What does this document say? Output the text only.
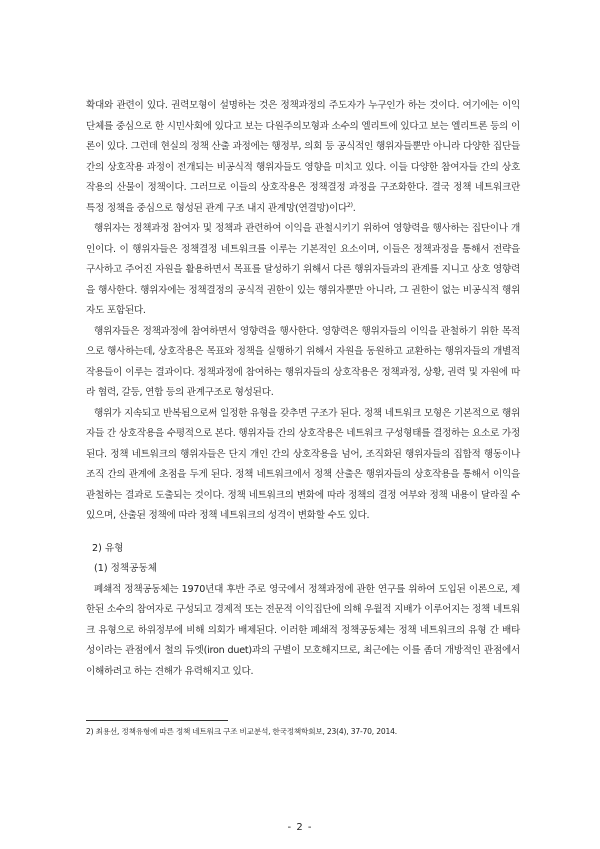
확대와 관련이 있다. 권력모형이 설명하는 것은 정책과정의 주도자가 누구인가 하는 것이다. 여기에는 이익단체를 중심으로 한 시민사회에 있다고 보는 다원주의모형과 소수의 엘리트에 있다고 보는 엘리트론 등의 이론이 있다. 그런데 현실의 정책 산출 과정에는 행정부, 의회 등 공식적인 행위자들뿐만 아니라 다양한 집단들간의 상호작용 과정이 전개되는 비공식적 행위자들도 영향을 미치고 있다. 이들 다양한 참여자들 간의 상호작용의 산물이 정책이다. 그러므로 이들의 상호작용은 정책결정 과정을 구조화한다. 결국 정책 네트워크란 특정 정책을 중심으로 형성된 관계 구조 내지 관계망(연결망)이다$^{2)}$.

행위자는 정책과정 참여자 및 정책과 관련하여 이익을 관철시키기 위하여 영향력을 행사하는 집단이나 개인이다. 이 행위자들은 정책결정 네트워크를 이루는 기본적인 요소이며, 이들은 정책과정을 통해서 전략을 구사하고 주어진 자원을 활용하면서 목표를 달성하기 위해서 다른 행위자들과의 관계를 지니고 상호 영향력을 행사한다. 행위자에는 정책결정의 공식적 권한이 있는 행위자뿐만 아니라, 그 권한이 없는 비공식적 행위자도 포함된다.

행위자들은 정책과정에 참여하면서 영향력을 행사한다. 영향력은 행위자들의 이익을 관철하기 위한 목적으로 행사하는데, 상호작용은 목표와 정책을 실행하기 위해서 자원을 동원하고 교환하는 행위자들의 개별적 작용들이 이루는 결과이다. 정책과정에 참여하는 행위자들의 상호작용은 정책과정, 상황, 권력 및 자원에 따라 협력, 갈등, 연합 등의 관계구조로 형성된다.

행위가 지속되고 반복됨으로써 일정한 유형을 갖추면 구조가 된다. 정책 네트워크 모형은 기본적으로 행위자들 간 상호작용을 수평적으로 본다. 행위자들 간의 상호작용은 네트워크 구성형태를 결정하는 요소로 가정된다. 정책 네트워크의 행위자들은 단지 개인 간의 상호작용을 넘어, 조직화된 행위자들의 집합적 행동이나 조직 간의 관계에 초점을 두게 된다. 정책 네트워크에서 정책 산출은 행위자들의 상호작용을 통해서 이익을 관철하는 결과로 도출되는 것이다. 정책 네트워크의 변화에 따라 정책의 결정 여부와 정책 내용이 달라질 수 있으며, 산출된 정책에 따라 정책 네트워크의 성격이 변화할 수도 있다.

2) 유형
(1) 정책공동체

폐쇄적 정책공동체는 1970년대 후반 주로 영국에서 정책과정에 관한 연구를 위하여 도입된 이론으로, 제한된 소수의 참여자로 구성되고 경제적 또는 전문적 이익집단에 의해 우월적 지배가 이루어지는 정책 네트워크 유형으로 하위정부에 비해 의회가 배제된다. 이러한 폐쇄적 정책공동체는 정책 네트워크의 유형 간 배타성이라는 관점에서 철의 듀엣(iron duet)과의 구별이 모호해지므로, 최근에는 이를 좀더 개방적인 관점에서 이해하려고 하는 견해가 유력해지고 있다.

2) 최용선, 정책유형에 따른 정책 네트워크 구조 비교분석, 한국정책학회보, 23(4), 37-70, 2014.
- 2 -
